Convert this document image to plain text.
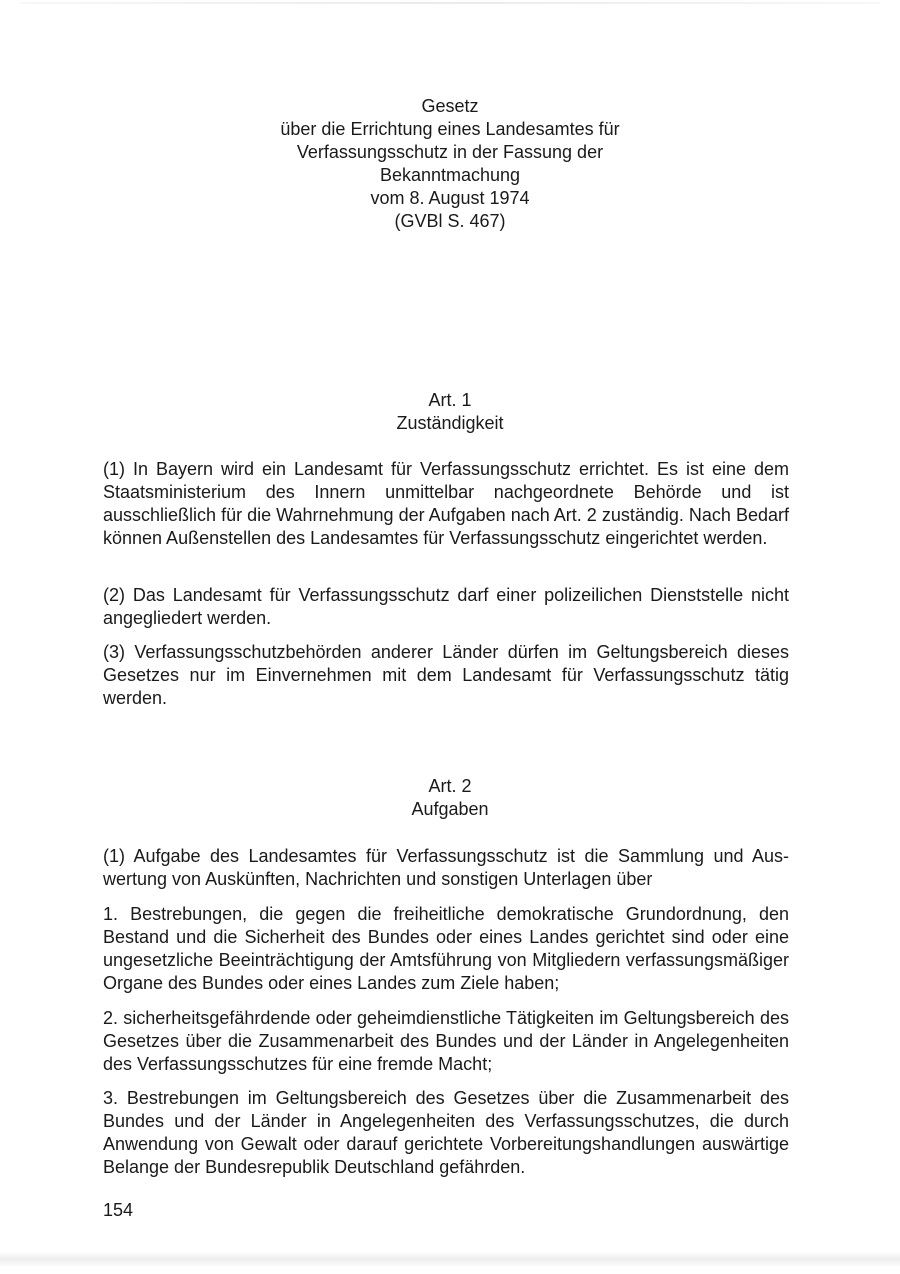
Gesetz
über die Errichtung eines Landesamtes für
Verfassungsschutz in der Fassung der
Bekanntmachung
vom 8. August 1974
(GVBl S. 467)
Art. 1
Zuständigkeit
(1) In Bayern wird ein Landesamt für Verfassungsschutz errichtet. Es ist eine dem Staatsministerium des Innern unmittelbar nachgeordnete Behörde und ist ausschließlich für die Wahrnehmung der Aufgaben nach Art. 2 zuständig. Nach Bedarf können Außenstellen des Landesamtes für Verfassungsschutz eingerichtet werden.
(2) Das Landesamt für Verfassungsschutz darf einer polizeilichen Dienststelle nicht angegliedert werden.
(3) Verfassungsschutzbehörden anderer Länder dürfen im Geltungsbereich dieses Gesetzes nur im Einvernehmen mit dem Landesamt für Verfassungsschutz tätig werden.
Art. 2
Aufgaben
(1) Aufgabe des Landesamtes für Verfassungsschutz ist die Sammlung und Auswertung von Auskünften, Nachrichten und sonstigen Unterlagen über
1. Bestrebungen, die gegen die freiheitliche demokratische Grundordnung, den Bestand und die Sicherheit des Bundes oder eines Landes gerichtet sind oder eine ungesetzliche Beeinträchtigung der Amtsführung von Mitgliedern verfassungsmäßiger Organe des Bundes oder eines Landes zum Ziele haben;
2. sicherheitsgefährdende oder geheimdienstliche Tätigkeiten im Geltungsbereich des Gesetzes über die Zusammenarbeit des Bundes und der Länder in Angelegenheiten des Verfassungsschutzes für eine fremde Macht;
3. Bestrebungen im Geltungsbereich des Gesetzes über die Zusammenarbeit des Bundes und der Länder in Angelegenheiten des Verfassungsschutzes, die durch Anwendung von Gewalt oder darauf gerichtete Vorbereitungshandlungen auswärtige Belange der Bundesrepublik Deutschland gefährden.
154
